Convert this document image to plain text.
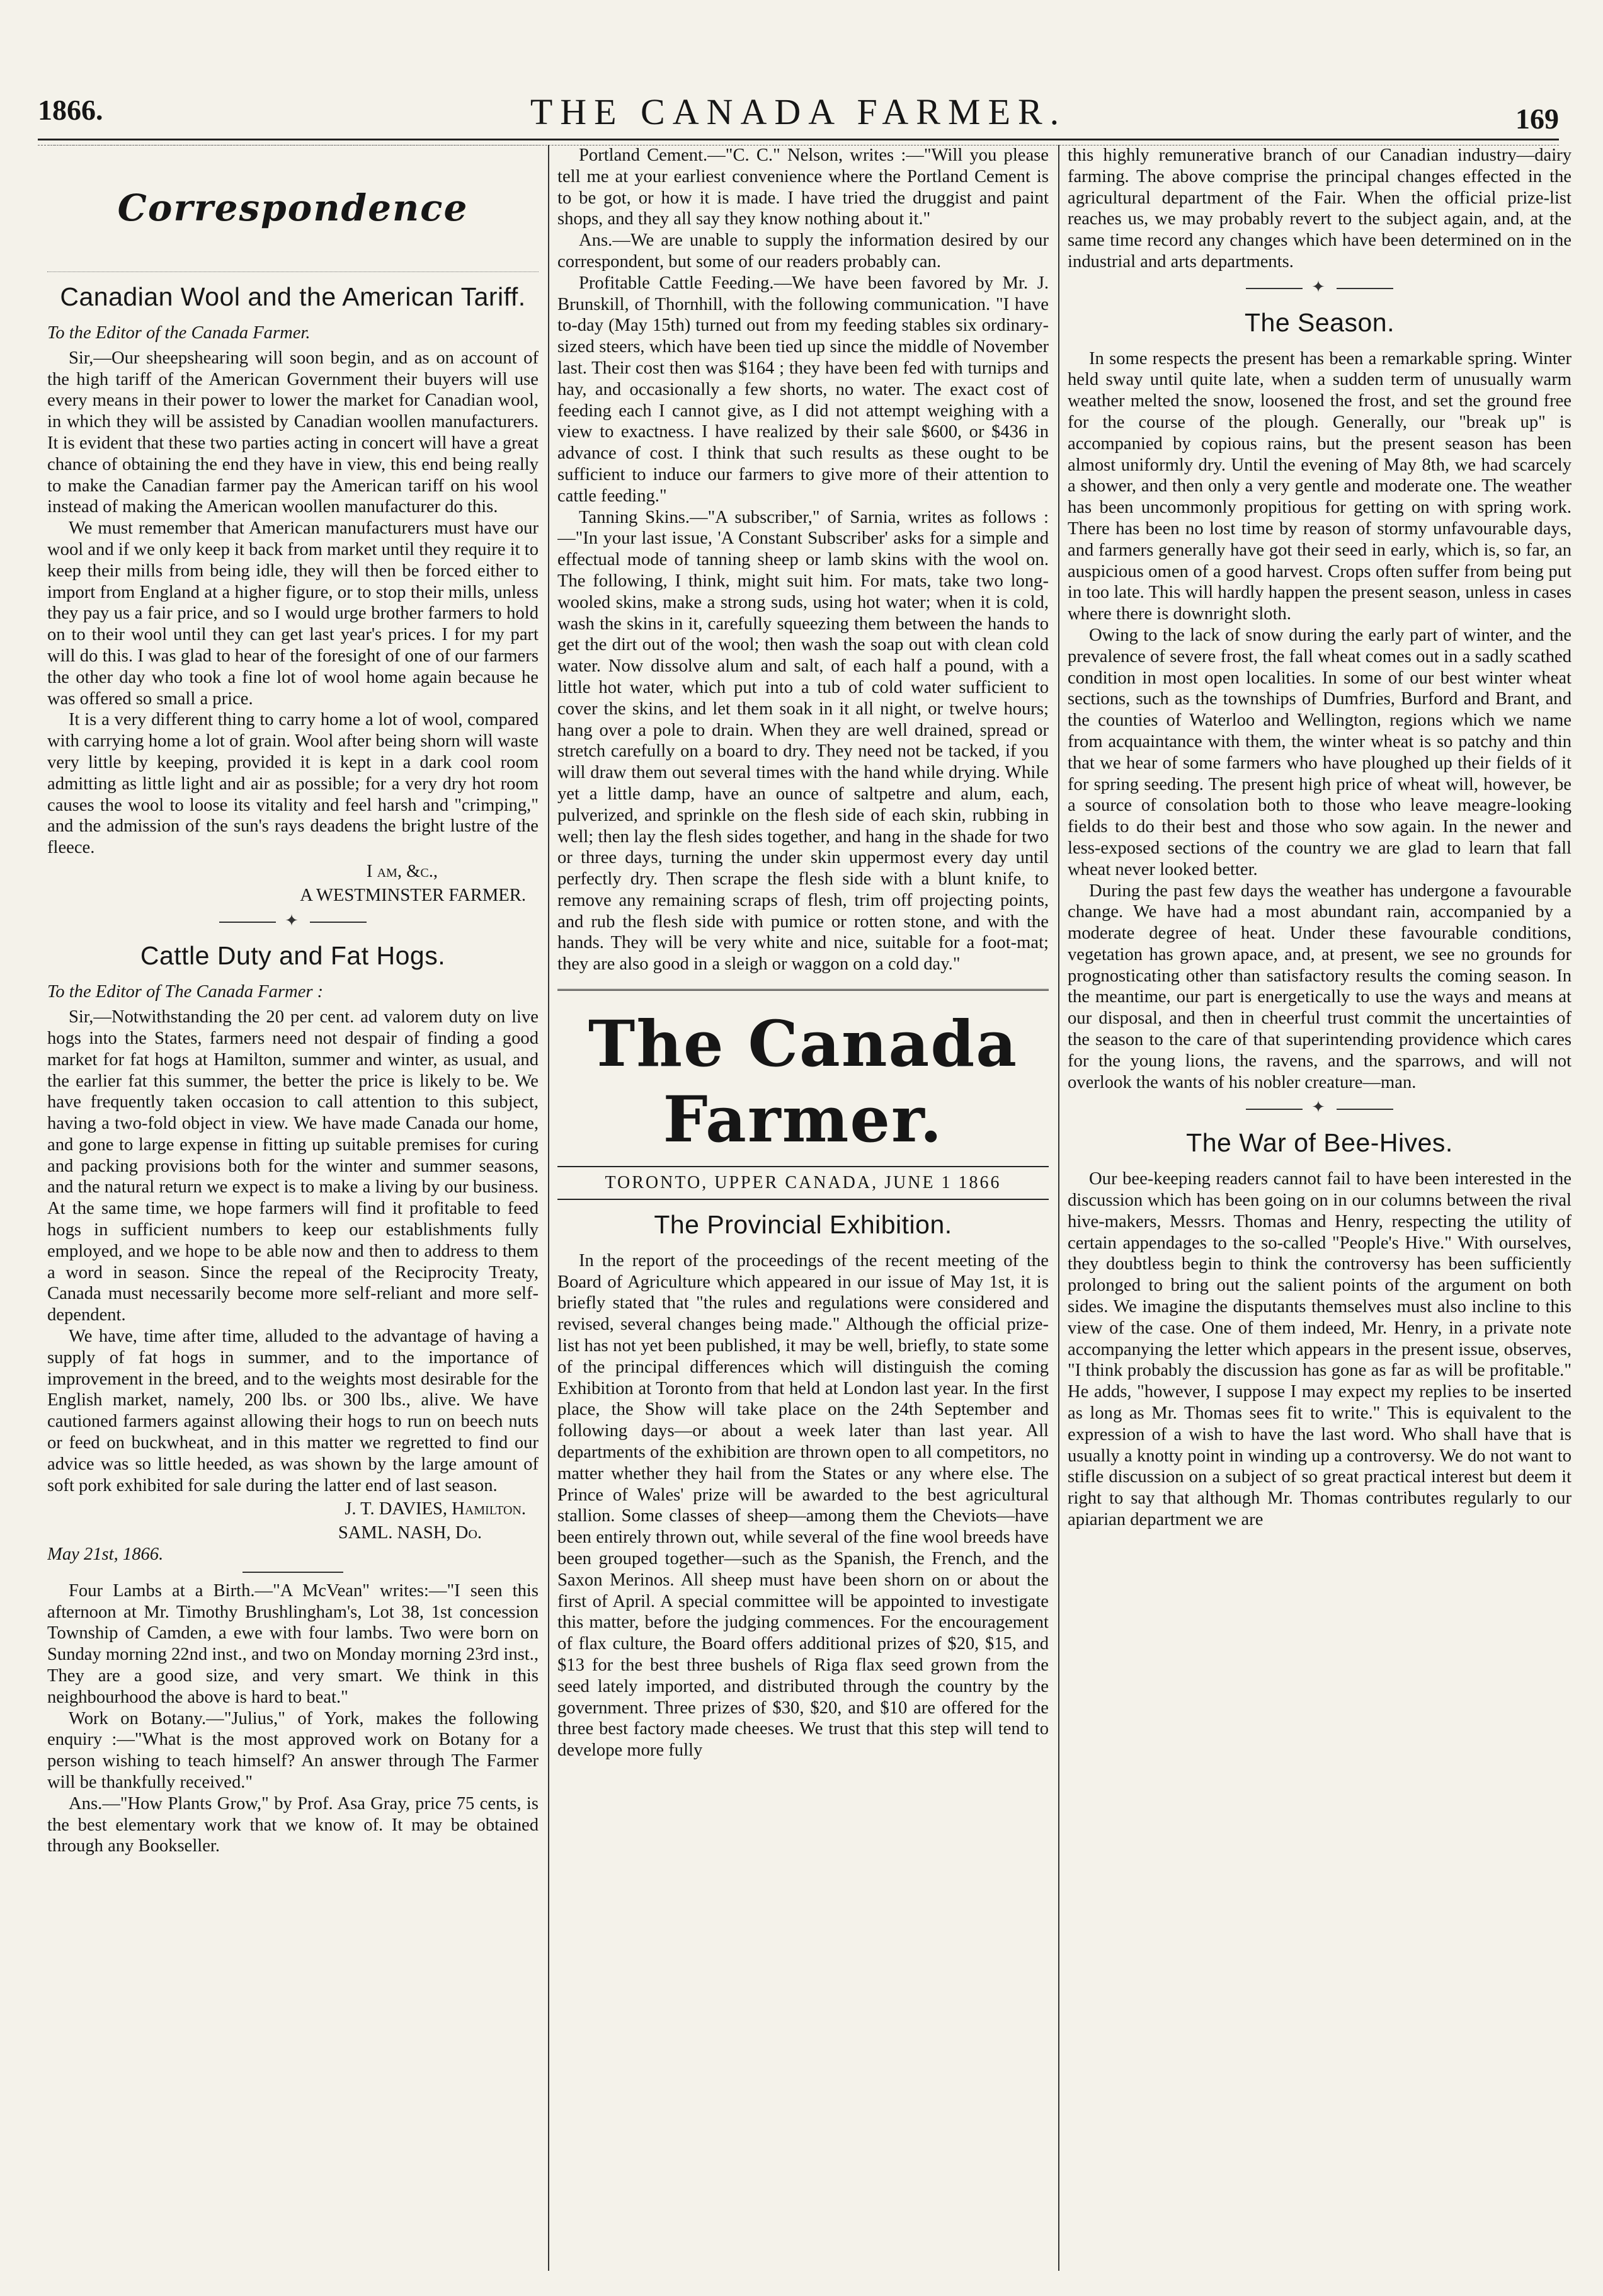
1866.	THE CANADA FARMER.	169
Correspondence
Canadian Wool and the American Tariff.

To the Editor of the Canada Farmer.

Sir,—Our sheepshearing will soon begin, and as on account of the high tariff of the American Government their buyers will use every means in their power to lower the market for Canadian wool, in which they will be assisted by Canadian woollen manufacturers. It is evident that these two parties acting in concert will have a great chance of obtaining the end they have in view, this end being really to make the Canadian farmer pay the American tariff on his wool instead of making the American woollen manufacturer do this.

We must remember that American manufacturers must have our wool and if we only keep it back from market until they require it to keep their mills from being idle, they will then be forced either to import from England at a higher figure, or to stop their mills, unless they pay us a fair price, and so I would urge brother farmers to hold on to their wool until they can get last year's prices. I for my part will do this. I was glad to hear of the foresight of one of our farmers the other day who took a fine lot of wool home again because he was offered so small a price.

It is a very different thing to carry home a lot of wool, compared with carrying home a lot of grain. Wool after being shorn will waste very little by keeping, provided it is kept in a dark cool room admitting as little light and air as possible; for a very dry hot room causes the wool to loose its vitality and feel harsh and "crimping," and the admission of the sun's rays deadens the bright lustre of the fleece.

I am, &c.,

A WESTMINSTER FARMER.

✦
Cattle Duty and Fat Hogs.

To the Editor of The Canada Farmer :

Sir,—Notwithstanding the 20 per cent. ad valorem duty on live hogs into the States, farmers need not despair of finding a good market for fat hogs at Hamilton, summer and winter, as usual, and the earlier fat this summer, the better the price is likely to be. We have frequently taken occasion to call attention to this subject, having a two-fold object in view. We have made Canada our home, and gone to large expense in fitting up suitable premises for curing and packing provisions both for the winter and summer seasons, and the natural return we expect is to make a living by our business. At the same time, we hope farmers will find it profitable to feed hogs in sufficient numbers to keep our establishments fully employed, and we hope to be able now and then to address to them a word in season. Since the repeal of the Reciprocity Treaty, Canada must necessarily become more self-reliant and more self-dependent.

We have, time after time, alluded to the advantage of having a supply of fat hogs in summer, and to the importance of improvement in the breed, and to the weights most desirable for the English market, namely, 200 lbs. or 300 lbs., alive. We have cautioned farmers against allowing their hogs to run on beech nuts or feed on buckwheat, and in this matter we regretted to find our advice was so little heeded, as was shown by the large amount of soft pork exhibited for sale during the latter end of last season.

J. T. DAVIES, Hamilton.

SAML. NASH, Do.

May 21st, 1866.

Four Lambs at a Birth.—"A McVean" writes:—"I seen this afternoon at Mr. Timothy Brushlingham's, Lot 38, 1st concession Township of Camden, a ewe with four lambs. Two were born on Sunday morning 22nd inst., and two on Monday morning 23rd inst., They are a good size, and very smart. We think in this neighbourhood the above is hard to beat."

Work on Botany.—"Julius," of York, makes the following enquiry :—"What is the most approved work on Botany for a person wishing to teach himself? An answer through The Farmer will be thankfully received."

Ans.—"How Plants Grow," by Prof. Asa Gray, price 75 cents, is the best elementary work that we know of. It may be obtained through any Bookseller.

Portland Cement.—"C. C." Nelson, writes :—"Will you please tell me at your earliest convenience where the Portland Cement is to be got, or how it is made. I have tried the druggist and paint shops, and they all say they know nothing about it."

Ans.—We are unable to supply the information desired by our correspondent, but some of our readers probably can.

Profitable Cattle Feeding.—We have been favored by Mr. J. Brunskill, of Thornhill, with the following communication. "I have to-day (May 15th) turned out from my feeding stables six ordinary-sized steers, which have been tied up since the middle of November last. Their cost then was $164 ; they have been fed with turnips and hay, and occasionally a few shorts, no water. The exact cost of feeding each I cannot give, as I did not attempt weighing with a view to exactness. I have realized by their sale $600, or $436 in advance of cost. I think that such results as these ought to be sufficient to induce our farmers to give more of their attention to cattle feeding."

Tanning Skins.—"A subscriber," of Sarnia, writes as follows :—"In your last issue, 'A Constant Subscriber' asks for a simple and effectual mode of tanning sheep or lamb skins with the wool on. The following, I think, might suit him. For mats, take two long-wooled skins, make a strong suds, using hot water; when it is cold, wash the skins in it, carefully squeezing them between the hands to get the dirt out of the wool; then wash the soap out with clean cold water. Now dissolve alum and salt, of each half a pound, with a little hot water, which put into a tub of cold water sufficient to cover the skins, and let them soak in it all night, or twelve hours; hang over a pole to drain. When they are well drained, spread or stretch carefully on a board to dry. They need not be tacked, if you will draw them out several times with the hand while drying. While yet a little damp, have an ounce of saltpetre and alum, each, pulverized, and sprinkle on the flesh side of each skin, rubbing in well; then lay the flesh sides together, and hang in the shade for two or three days, turning the under skin uppermost every day until perfectly dry. Then scrape the flesh side with a blunt knife, to remove any remaining scraps of flesh, trim off projecting points, and rub the flesh side with pumice or rotten stone, and with the hands. They will be very white and nice, suitable for a foot-mat; they are also good in a sleigh or waggon on a cold day."

The Canada Farmer.
TORONTO, UPPER CANADA, JUNE 1 1866
The Provincial Exhibition.

In the report of the proceedings of the recent meeting of the Board of Agriculture which appeared in our issue of May 1st, it is briefly stated that "the rules and regulations were considered and revised, several changes being made." Although the official prize-list has not yet been published, it may be well, briefly, to state some of the principal differences which will distinguish the coming Exhibition at Toronto from that held at London last year. In the first place, the Show will take place on the 24th September and following days—or about a week later than last year. All departments of the exhibition are thrown open to all competitors, no matter whether they hail from the States or any where else. The Prince of Wales' prize will be awarded to the best agricultural stallion. Some classes of sheep—among them the Cheviots—have been entirely thrown out, while several of the fine wool breeds have been grouped together—such as the Spanish, the French, and the Saxon Merinos. All sheep must have been shorn on or about the first of April. A special committee will be appointed to investigate this matter, before the judging commences. For the encouragement of flax culture, the Board offers additional prizes of $20, $15, and $13 for the best three bushels of Riga flax seed grown from the seed lately imported, and distributed through the country by the government. Three prizes of $30, $20, and $10 are offered for the three best factory made cheeses. We trust that this step will tend to develope more fully

this highly remunerative branch of our Canadian industry—dairy farming. The above comprise the principal changes effected in the agricultural department of the Fair. When the official prize-list reaches us, we may probably revert to the subject again, and, at the same time record any changes which have been determined on in the industrial and arts departments.

✦
The Season.

In some respects the present has been a remarkable spring. Winter held sway until quite late, when a sudden term of unusually warm weather melted the snow, loosened the frost, and set the ground free for the course of the plough. Generally, our "break up" is accompanied by copious rains, but the present season has been almost uniformly dry. Until the evening of May 8th, we had scarcely a shower, and then only a very gentle and moderate one. The weather has been uncommonly propitious for getting on with spring work. There has been no lost time by reason of stormy unfavourable days, and farmers generally have got their seed in early, which is, so far, an auspicious omen of a good harvest. Crops often suffer from being put in too late. This will hardly happen the present season, unless in cases where there is downright sloth.

Owing to the lack of snow during the early part of winter, and the prevalence of severe frost, the fall wheat comes out in a sadly scathed condition in most open localities. In some of our best winter wheat sections, such as the townships of Dumfries, Burford and Brant, and the counties of Waterloo and Wellington, regions which we name from acquaintance with them, the winter wheat is so patchy and thin that we hear of some farmers who have ploughed up their fields of it for spring seeding. The present high price of wheat will, however, be a source of consolation both to those who leave meagre-looking fields to do their best and those who sow again. In the newer and less-exposed sections of the country we are glad to learn that fall wheat never looked better.

During the past few days the weather has undergone a favourable change. We have had a most abundant rain, accompanied by a moderate degree of heat. Under these favourable conditions, vegetation has grown apace, and, at present, we see no grounds for prognosticating other than satisfactory results the coming season. In the meantime, our part is energetically to use the ways and means at our disposal, and then in cheerful trust commit the uncertainties of the season to the care of that superintending providence which cares for the young lions, the ravens, and the sparrows, and will not overlook the wants of his nobler creature—man.

✦
The War of Bee-Hives.

Our bee-keeping readers cannot fail to have been interested in the discussion which has been going on in our columns between the rival hive-makers, Messrs. Thomas and Henry, respecting the utility of certain appendages to the so-called "People's Hive." With ourselves, they doubtless begin to think the controversy has been sufficiently prolonged to bring out the salient points of the argument on both sides. We imagine the disputants themselves must also incline to this view of the case. One of them indeed, Mr. Henry, in a private note accompanying the letter which appears in the present issue, observes, "I think probably the discussion has gone as far as will be profitable." He adds, "however, I suppose I may expect my replies to be inserted as long as Mr. Thomas sees fit to write." This is equivalent to the expression of a wish to have the last word. Who shall have that is usually a knotty point in winding up a controversy. We do not want to stifle discussion on a subject of so great practical interest but deem it right to say that although Mr. Thomas contributes regularly to our apiarian department we are
